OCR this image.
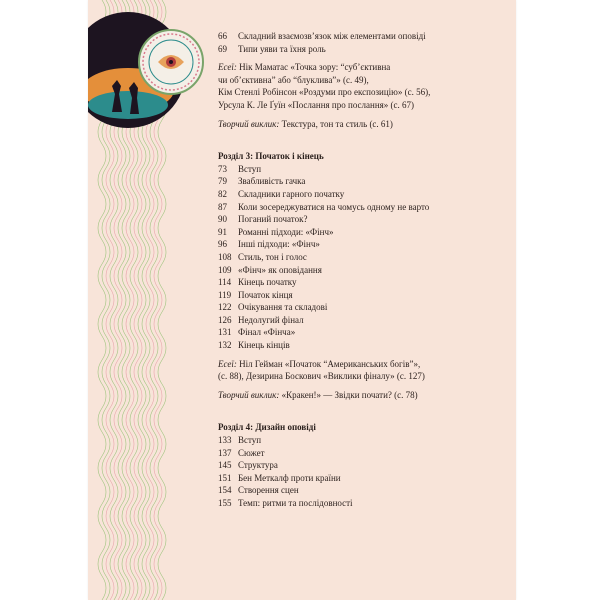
66	Складний взаємозв’язок між елементами оповіді
69	Типи уяви та їхня роль

Есеї: Нік Маматас «Точка зору: “суб’єктивна
чи об’єктивна” або “блуклива”» (с. 49),
Кім Стенлі Робінсон «Роздуми про експозицію» (с. 56),
Урсула К. Ле Ґуїн «Послання про послання» (с. 67)

Творчий виклик: Текстура, тон та стиль (с. 61)

Розділ 3: Початок і кінець

73	Вступ
79	Звабливість гачка
82	Складники гарного початку
87	Коли зосереджуватися на чомусь одному не варто
90	Поганий початок?
91	Романні підходи: «Фінч»
96	Інші підходи: «Фінч»
108 Стиль, тон і голос
109 «Фінч» як оповідання
114 Кінець початку
119 Початок кінця
122 Очікування та складові
126 Недолугий фінал
131 Фінал «Фінча»
132 Кінець кінців

Есеї: Ніл Гейман «Початок “Американських богів”»,
(с. 88), Дезирина Боскович «Виклики фіналу» (с. 127)

Творчий виклик: «Кракен!» — Звідки почати? (с. 78)

Розділ 4: Дизайн оповіді

133 Вступ
137 Сюжет
145 Структура
151 Бен Меткалф проти країни
154 Створення сцен
155 Темп: ритми та послідовності
